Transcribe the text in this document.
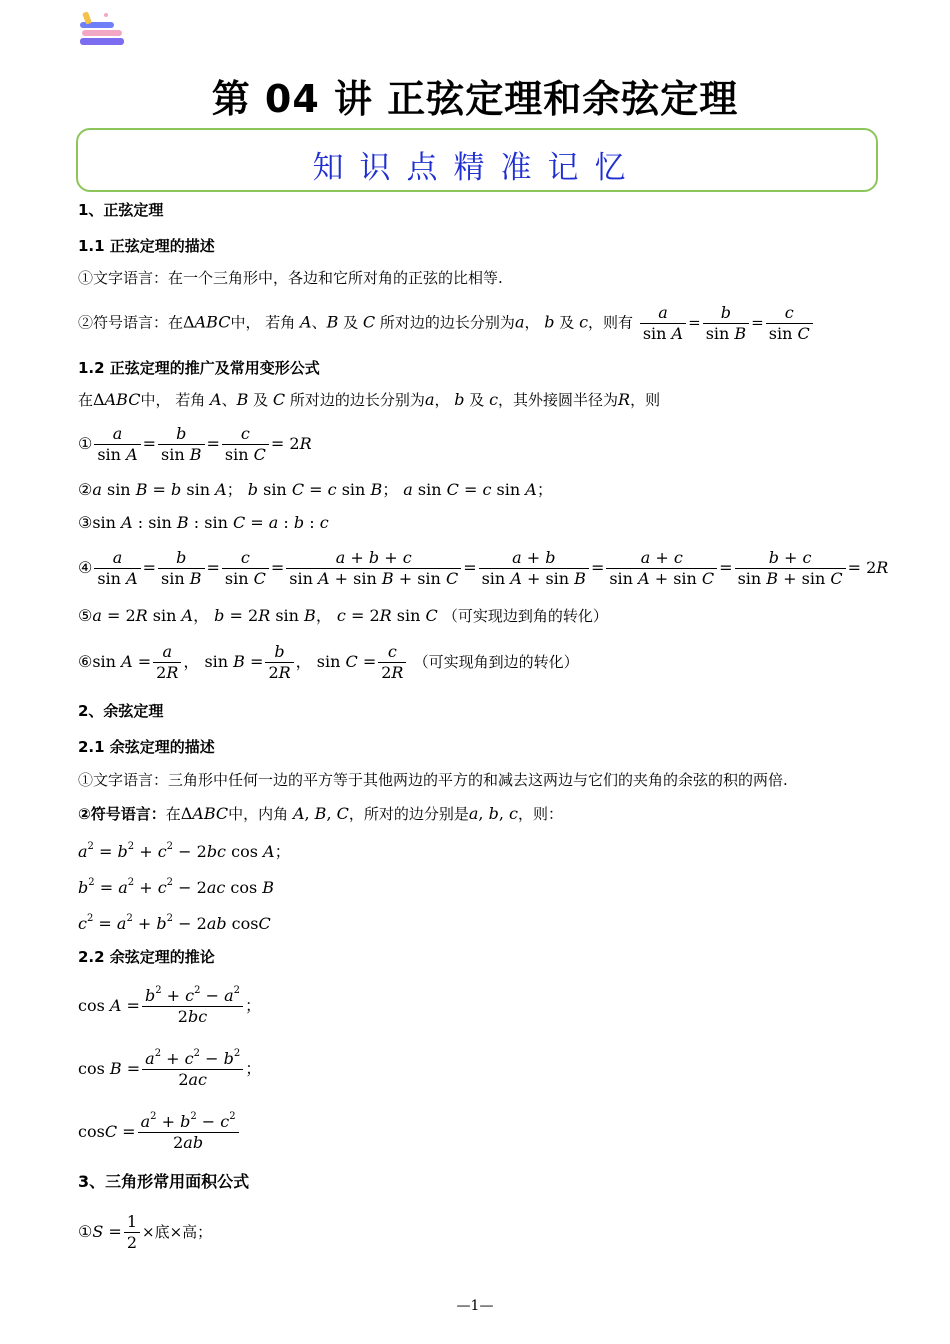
第 04 讲 正弦定理和余弦定理
知识点精准记忆
1、正弦定理
1.1 正弦定理的描述
①文字语言：在一个三角形中，各边和它所对角的正弦的比相等.
②符号语言：在ΔABC中， 若角 A、B 及 C 所对边的边长分别为a， b 及 c，则有 $\frac{a}{\text{sin A}} = \frac{b}{\text{sin B}} = \frac{c}{\text{sin C}}$
1.2 正弦定理的推广及常用变形公式
在ΔABC中， 若角 A、B 及 C 所对边的边长分别为a， b 及 c，其外接圆半径为R，则
① $\frac{a}{\text{sin A}} = \frac{b}{\text{sin B}} = \frac{c}{\text{sin C}} = 2R$
②a sin B = b sin A； b sin C = c sin B； a sin C = c sin A；
③sin A : sin B : sin C = a : b : c
④ $\frac{a}{\text{sin A}} = \frac{b}{\text{sin B}} = \frac{c}{\text{sin C}} = \frac{a + b + c}{\text{sin A + sin B + sin C}} = \frac{a + b}{\text{sin A + sin B}} = \frac{a + c}{\text{sin A + sin C}} = \frac{b + c}{\text{sin B + sin C}} = 2R$
⑤a = 2R sin A， b = 2R sin B， c = 2R sin C （可实现边到角的转化）
⑥sin $A = \frac{a}{2R}$ ， $\sin B = \frac{b}{2R}$ ， $\sin C = \frac{c}{2R}$ （可实现角到边的转化）
2、余弦定理
2.1 余弦定理的描述
①文字语言：三角形中任何一边的平方等于其他两边的平方的和减去这两边与它们的夹角的余弦的积的两倍.
②符号语言：在ΔABC中，内角 A, B, C，所对的边分别是a, b, c，则：
$a^2 = b^2 + c^2 - 2bc$ cos A；
$b^2 = a^2 + c^2 - 2ac$ cos B
$c^2 = a^2 + b^2 - 2ab$ cosC
2.2 余弦定理的推论
$\cos A = \frac{b^2 + c^2 - a^2}{2bc}$ ；
$\cos B = \frac{a^2 + c^2 - b^2}{2ac}$ ；
$\cos C = \frac{a^2 + b^2 - c^2}{2ab}$
3、三角形常用面积公式
①S = $\frac{1}{2}$ ×底×高；
—1—
